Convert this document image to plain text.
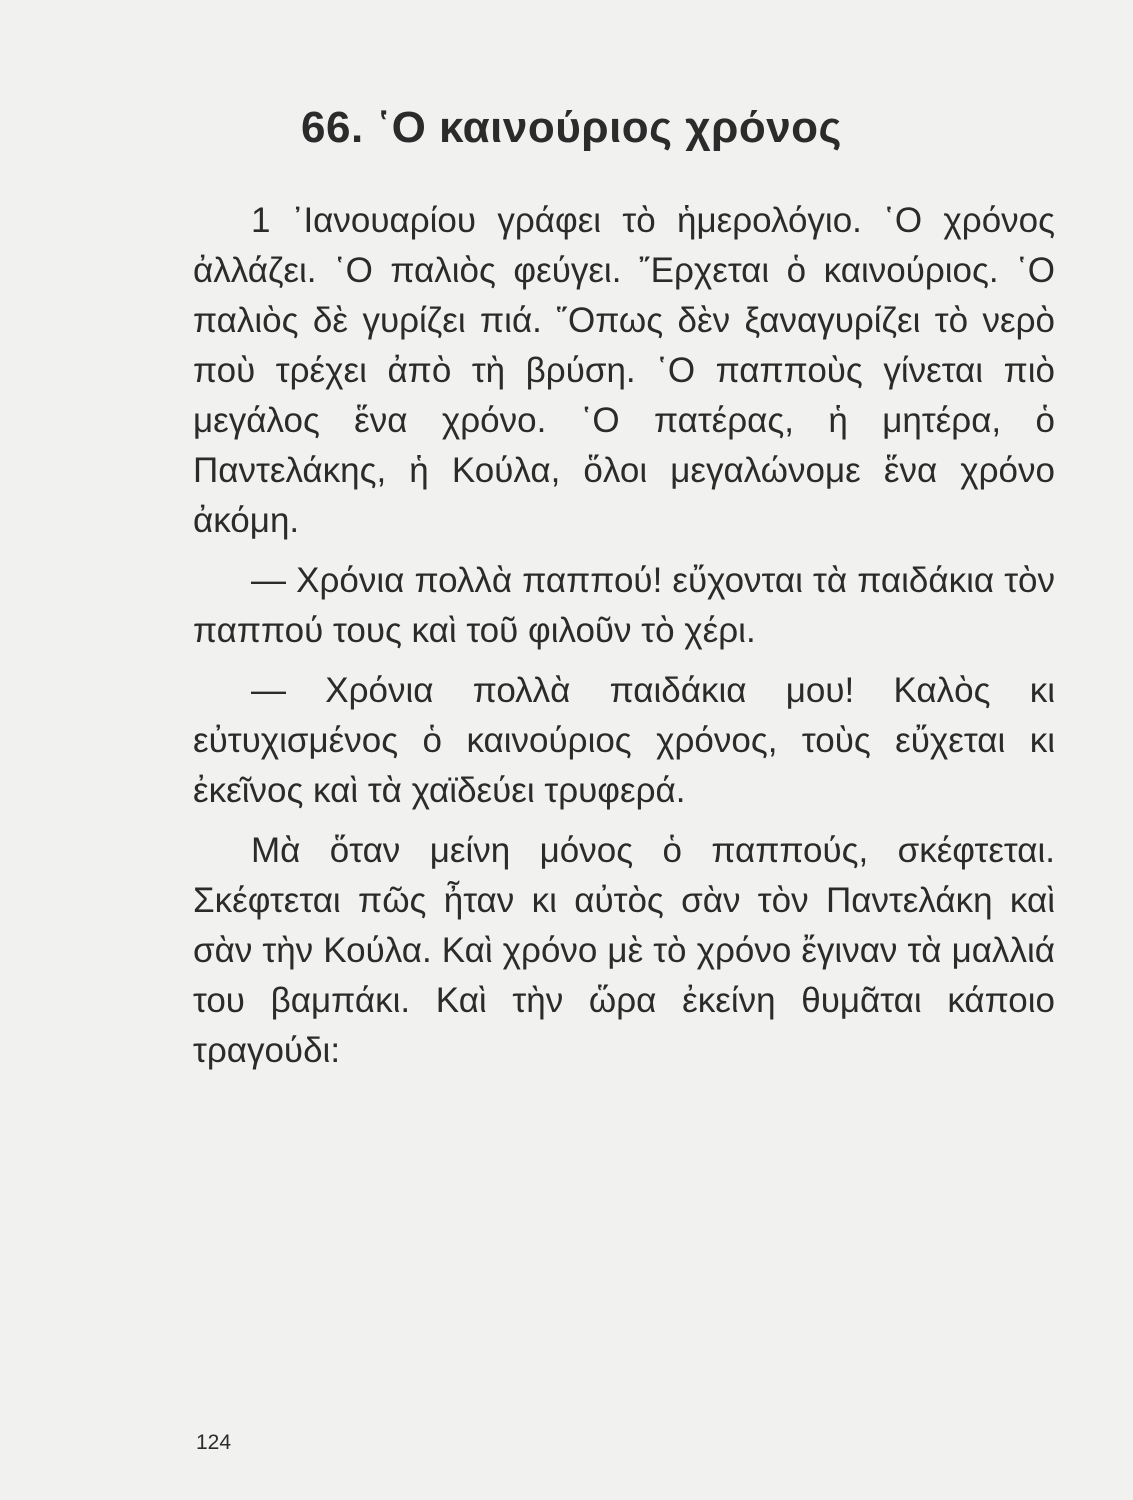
66. ῾Ο καινούριος χρόνος

1 ᾿Ιανουαρίου γράφει τὸ ἡμερολόγιο. ῾Ο χρόνος ἀλλάζει. ῾Ο παλιὸς φεύγει. ῎Ερχεται ὁ καινούριος. ῾Ο παλιὸς δὲ γυρίζει πιά. ῞Οπως δὲν ξαναγυρίζει τὸ νερὸ ποὺ τρέχει ἀπὸ τὴ βρύση. ῾Ο παπποὺς γίνεται πιὸ μεγάλος ἕνα χρόνο. ῾Ο πατέρας, ἡ μητέρα, ὁ Παντελάκης, ἡ Κούλα, ὅλοι μεγαλώνομε ἕνα χρόνο ἀκόμη.

— Χρόνια πολλὰ παππού! εὔχονται τὰ παιδάκια τὸν παππού τους καὶ τοῦ φιλοῦν τὸ χέρι.

— Χρόνια πολλὰ παιδάκια μου! Καλὸς κι εὐτυχισμένος ὁ καινούριος χρόνος, τοὺς εὔχεται κι ἐκεῖνος καὶ τὰ χαϊδεύει τρυφερά.

Μὰ ὅταν μείνη μόνος ὁ παππούς, σκέφτεται. Σκέφτεται πῶς ἦταν κι αὐτὸς σὰν τὸν Παντελάκη καὶ σὰν τὴν Κούλα. Καὶ χρόνο μὲ τὸ χρόνο ἔγιναν τὰ μαλλιά του βαμπάκι. Καὶ τὴν ὥρα ἐκείνη θυμᾶται κάποιο τραγούδι:

124
